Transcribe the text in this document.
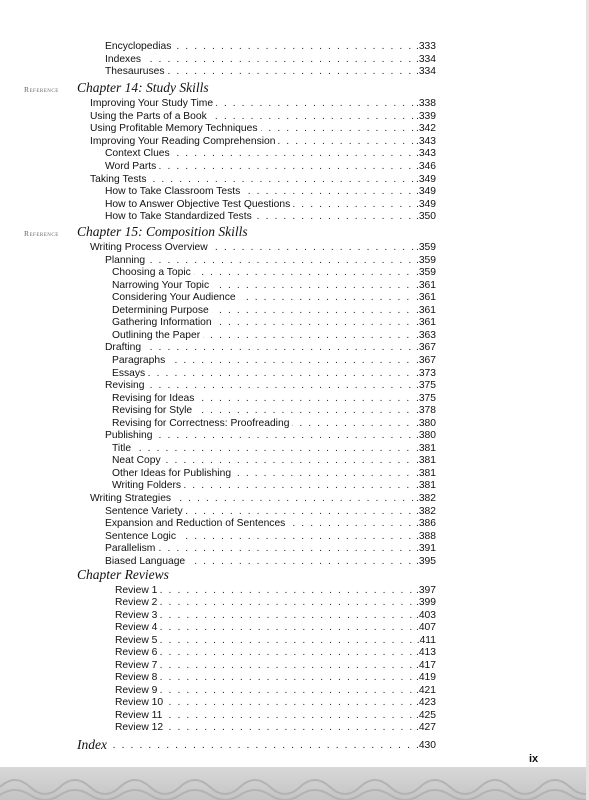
. . .
Encyclopedias	.333
. . .
Indexes	.334
. . .
Thesauruses	.334
Reference Chapter 14: Study Skills
. . .
Improving Your Study Time	.338
. . .
Using the Parts of a Book	.339
. . .
Using Profitable Memory Techniques	.342
. . .
Improving Your Reading Comprehension	.343
. . .
Context Clues	.343
. . .
Word Parts	.346
. . .
Taking Tests	.349
. . .
How to Take Classroom Tests	.349
. . .
How to Answer Objective Test Questions	.349
. . .
How to Take Standardized Tests	.350
Reference Chapter 15: Composition Skills
. . .
Writing Process Overview	.359
. . .
Planning	.359
. . .
Choosing a Topic	.359
. . .
Narrowing Your Topic	.361
. . .
Considering Your Audience	.361
. . .
Determining Purpose	.361
. . .
Gathering Information	.361
. . .
Outlining the Paper	.363
. . .
Drafting	.367
. . .
Paragraphs	.367
. . .
Essays	.373
. . .
Revising	.375
. . .
Revising for Ideas	.375
. . .
Revising for Style	.378
. . .
Revising for Correctness: Proofreading	.380
. . .
Publishing	.380
. . .
Title	.381
. . .
Neat Copy	.381
. . .
Other Ideas for Publishing	.381
. . .
Writing Folders	.381
. . .
Writing Strategies	.382
. . .
Sentence Variety	.382
. . .
Expansion and Reduction of Sentences	.386
. . .
Sentence Logic	.388
. . .
Parallelism	.391
. . .
Biased Language	.395
Chapter Reviews
. . .
Review 1	.397
. . .
Review 2	.399
. . .
Review 3	.403
. . .
Review 4	.407
. . .
Review 5	.411
. . .
Review 6	.413
. . .
Review 7	.417
. . .
Review 8	.419
. . .
Review 9	.421
. . .
Review 10	.423
. . .
Review 11	.425
. . .
Review 12	.427
. . .
Index	.430
ix
